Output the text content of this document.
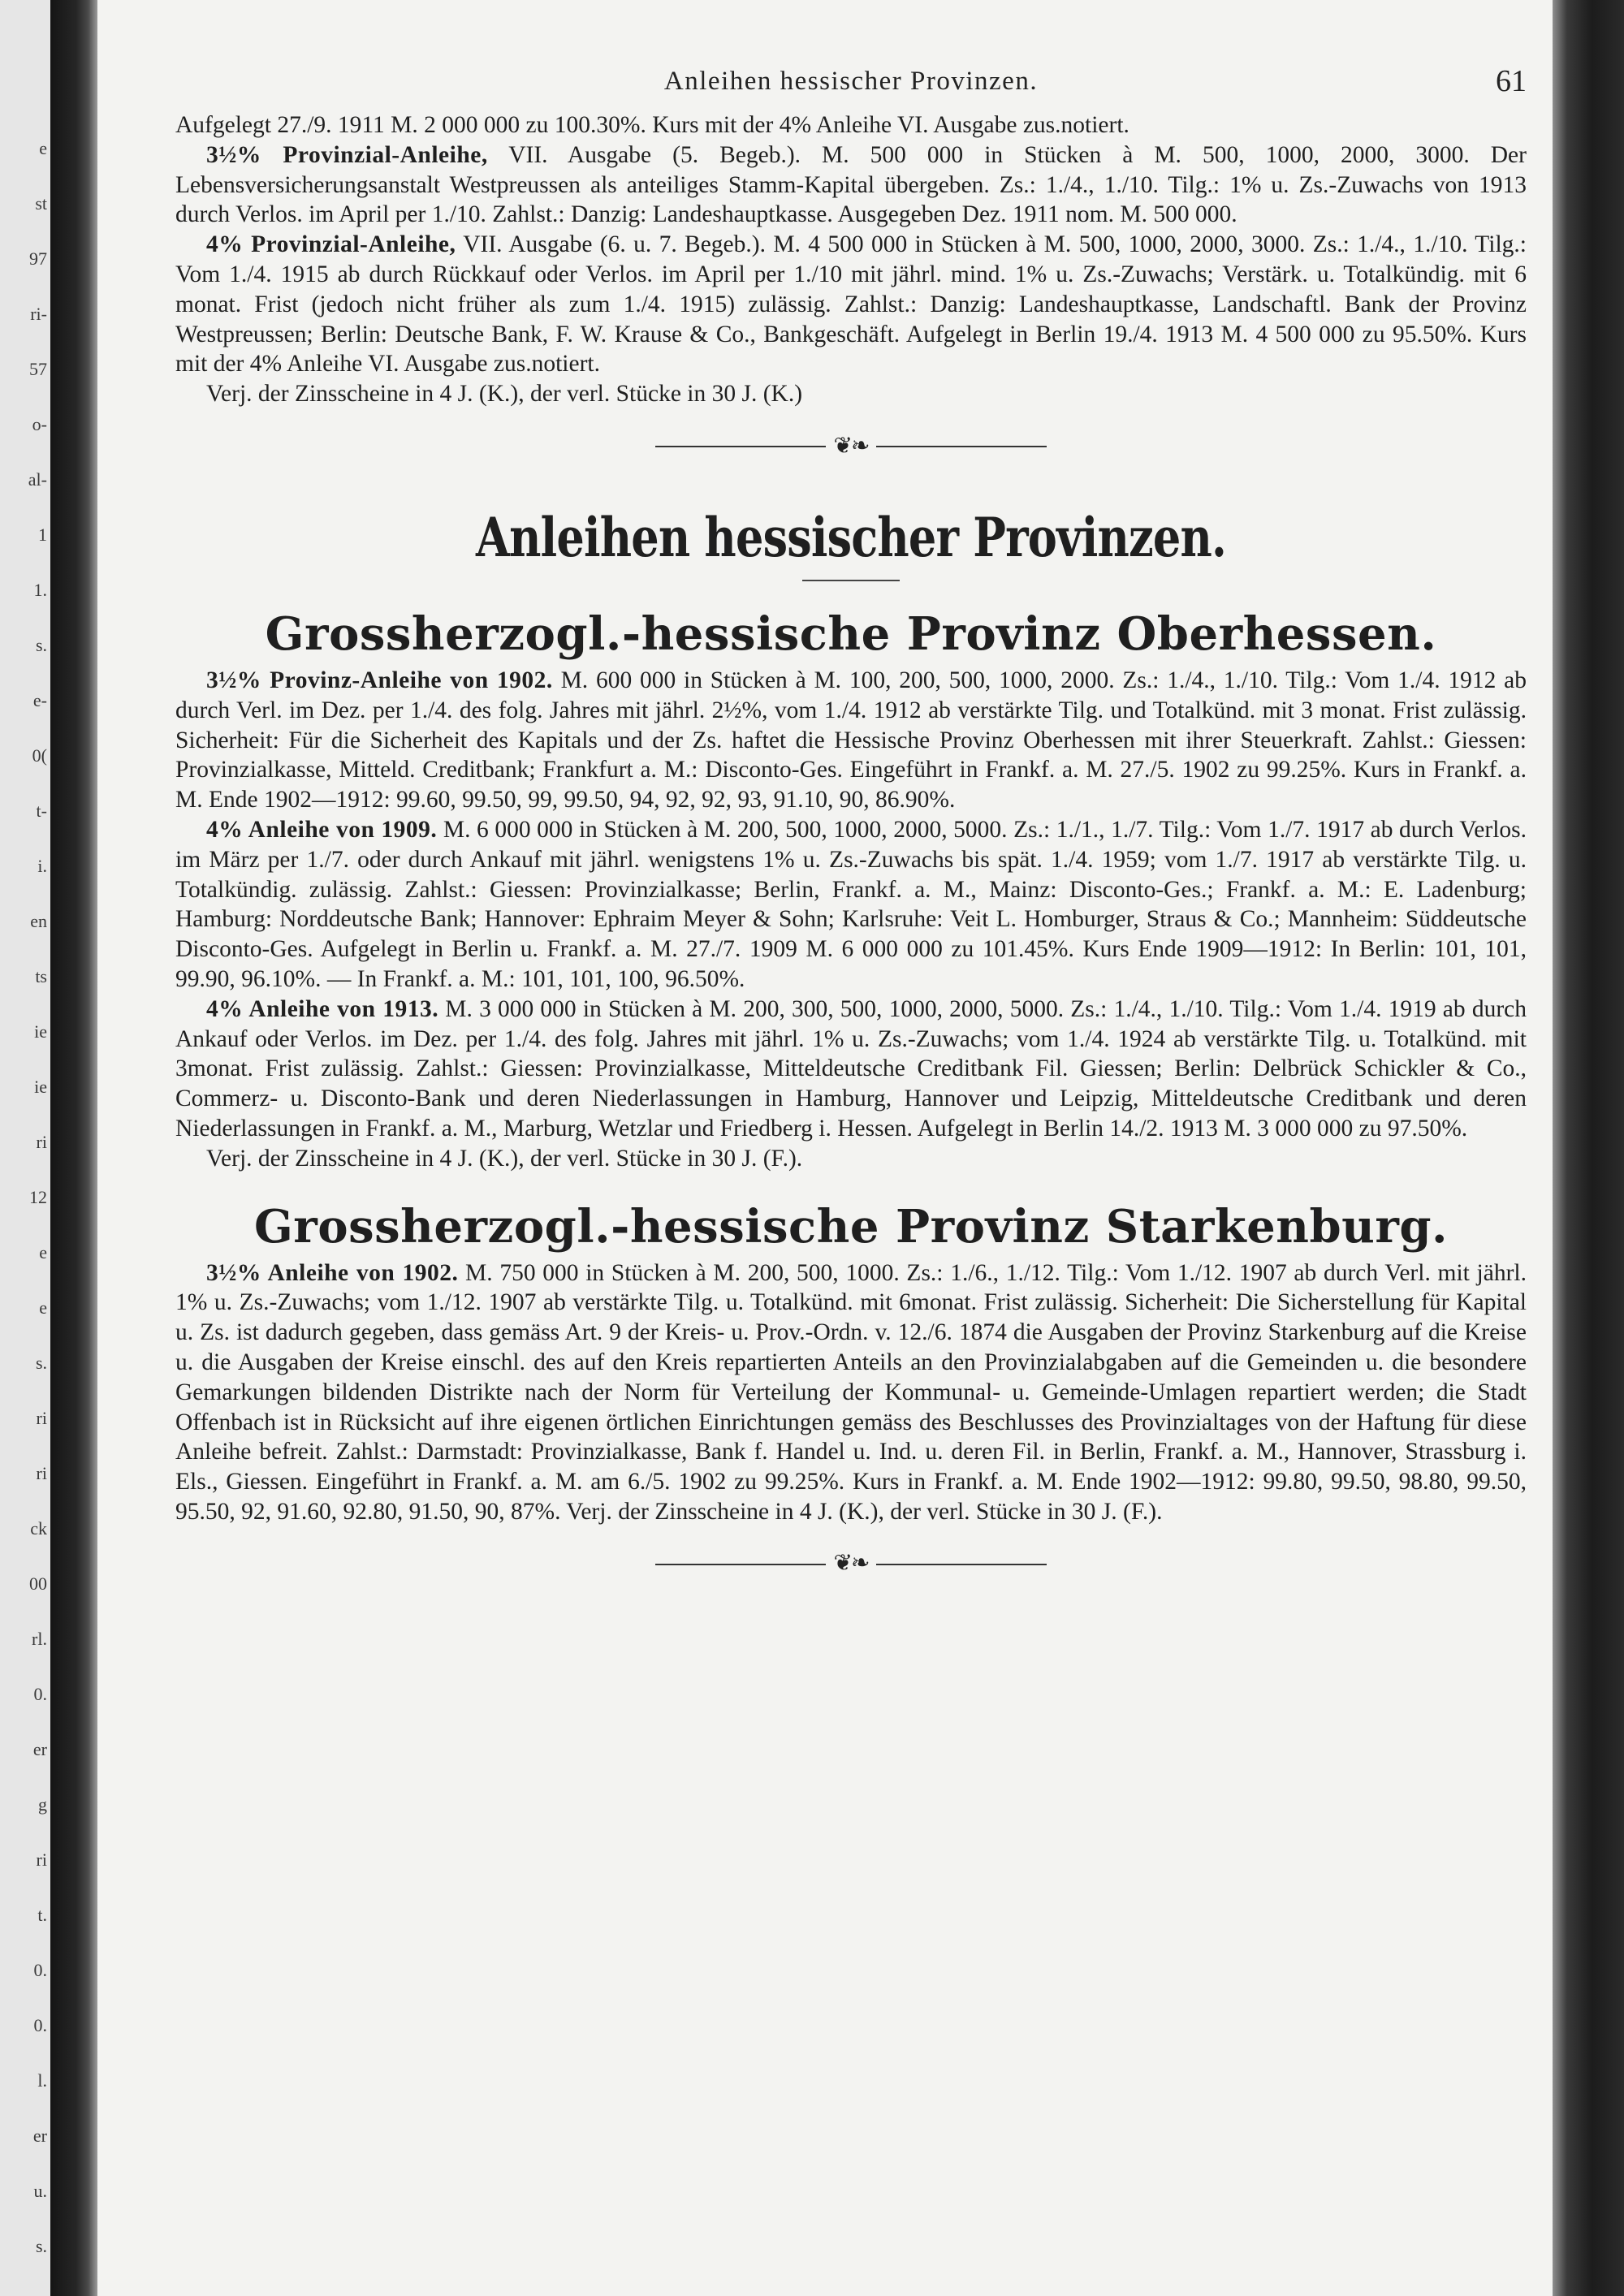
e
st
97
ri-
57
o-
al-
1
1.
s.
e-
0(
t-
i.
en
ts
ie
ie
ri
12
e
e
s.
ri
ri
ck
00
rl.
0.
er
g
ri
t.
0.
0.
l.
er
u.
s.
Anleihen hessischer Provinzen.	61

Aufgelegt 27./9. 1911 M. 2 000 000 zu 100.30%. Kurs mit der 4% Anleihe VI. Ausgabe zus.notiert.

3½% Provinzial-Anleihe, VII. Ausgabe (5. Begeb.). M. 500 000 in Stücken à M. 500, 1000, 2000, 3000. Der Lebensversicherungsanstalt Westpreussen als anteiliges Stamm-Kapital übergeben. Zs.: 1./4., 1./10. Tilg.: 1% u. Zs.-Zuwachs von 1913 durch Verlos. im April per 1./10. Zahlst.: Danzig: Landeshauptkasse. Ausgegeben Dez. 1911 nom. M. 500 000.

4% Provinzial-Anleihe, VII. Ausgabe (6. u. 7. Begeb.). M. 4 500 000 in Stücken à M. 500, 1000, 2000, 3000. Zs.: 1./4., 1./10. Tilg.: Vom 1./4. 1915 ab durch Rückkauf oder Verlos. im April per 1./10 mit jährl. mind. 1% u. Zs.-Zuwachs; Verstärk. u. Totalkündig. mit 6 monat. Frist (jedoch nicht früher als zum 1./4. 1915) zulässig. Zahlst.: Danzig: Landeshauptkasse, Landschaftl. Bank der Provinz Westpreussen; Berlin: Deutsche Bank, F. W. Krause & Co., Bankgeschäft. Aufgelegt in Berlin 19./4. 1913 M. 4 500 000 zu 95.50%. Kurs mit der 4% Anleihe VI. Ausgabe zus.notiert.

Verj. der Zinsscheine in 4 J. (K.), der verl. Stücke in 30 J. (K.)

❦❧
Anleihen hessischer Provinzen.
Grossherzogl.-hessische Provinz Oberhessen.

3½% Provinz-Anleihe von 1902. M. 600 000 in Stücken à M. 100, 200, 500, 1000, 2000. Zs.: 1./4., 1./10. Tilg.: Vom 1./4. 1912 ab durch Verl. im Dez. per 1./4. des folg. Jahres mit jährl. 2½%, vom 1./4. 1912 ab verstärkte Tilg. und Totalkünd. mit 3 monat. Frist zulässig. Sicherheit: Für die Sicherheit des Kapitals und der Zs. haftet die Hessische Provinz Oberhessen mit ihrer Steuerkraft. Zahlst.: Giessen: Provinzialkasse, Mitteld. Creditbank; Frankfurt a. M.: Disconto-Ges. Eingeführt in Frankf. a. M. 27./5. 1902 zu 99.25%. Kurs in Frankf. a. M. Ende 1902—1912: 99.60, 99.50, 99, 99.50, 94, 92, 92, 93, 91.10, 90, 86.90%.

4% Anleihe von 1909. M. 6 000 000 in Stücken à M. 200, 500, 1000, 2000, 5000. Zs.: 1./1., 1./7. Tilg.: Vom 1./7. 1917 ab durch Verlos. im März per 1./7. oder durch Ankauf mit jährl. wenigstens 1% u. Zs.-Zuwachs bis spät. 1./4. 1959; vom 1./7. 1917 ab verstärkte Tilg. u. Totalkündig. zulässig. Zahlst.: Giessen: Provinzialkasse; Berlin, Frankf. a. M., Mainz: Disconto-Ges.; Frankf. a. M.: E. Ladenburg; Hamburg: Norddeutsche Bank; Hannover: Ephraim Meyer & Sohn; Karlsruhe: Veit L. Homburger, Straus & Co.; Mannheim: Süddeutsche Disconto-Ges. Aufgelegt in Berlin u. Frankf. a. M. 27./7. 1909 M. 6 000 000 zu 101.45%. Kurs Ende 1909—1912: In Berlin: 101, 101, 99.90, 96.10%. — In Frankf. a. M.: 101, 101, 100, 96.50%.

4% Anleihe von 1913. M. 3 000 000 in Stücken à M. 200, 300, 500, 1000, 2000, 5000. Zs.: 1./4., 1./10. Tilg.: Vom 1./4. 1919 ab durch Ankauf oder Verlos. im Dez. per 1./4. des folg. Jahres mit jährl. 1% u. Zs.-Zuwachs; vom 1./4. 1924 ab verstärkte Tilg. u. Totalkünd. mit 3monat. Frist zulässig. Zahlst.: Giessen: Provinzialkasse, Mitteldeutsche Creditbank Fil. Giessen; Berlin: Delbrück Schickler & Co., Commerz- u. Disconto-Bank und deren Niederlassungen in Hamburg, Hannover und Leipzig, Mitteldeutsche Creditbank und deren Niederlassungen in Frankf. a. M., Marburg, Wetzlar und Friedberg i. Hessen. Aufgelegt in Berlin 14./2. 1913 M. 3 000 000 zu 97.50%.

Verj. der Zinsscheine in 4 J. (K.), der verl. Stücke in 30 J. (F.).

Grossherzogl.-hessische Provinz Starkenburg.

3½% Anleihe von 1902. M. 750 000 in Stücken à M. 200, 500, 1000. Zs.: 1./6., 1./12. Tilg.: Vom 1./12. 1907 ab durch Verl. mit jährl. 1% u. Zs.-Zuwachs; vom 1./12. 1907 ab verstärkte Tilg. u. Totalkünd. mit 6monat. Frist zulässig. Sicherheit: Die Sicherstellung für Kapital u. Zs. ist dadurch gegeben, dass gemäss Art. 9 der Kreis- u. Prov.-Ordn. v. 12./6. 1874 die Ausgaben der Provinz Starkenburg auf die Kreise u. die Ausgaben der Kreise einschl. des auf den Kreis repartierten Anteils an den Provinzialabgaben auf die Gemeinden u. die besondere Gemarkungen bildenden Distrikte nach der Norm für Verteilung der Kommunal- u. Gemeinde-Umlagen repartiert werden; die Stadt Offenbach ist in Rücksicht auf ihre eigenen örtlichen Einrichtungen gemäss des Beschlusses des Provinzialtages von der Haftung für diese Anleihe befreit. Zahlst.: Darmstadt: Provinzialkasse, Bank f. Handel u. Ind. u. deren Fil. in Berlin, Frankf. a. M., Hannover, Strassburg i. Els., Giessen. Eingeführt in Frankf. a. M. am 6./5. 1902 zu 99.25%. Kurs in Frankf. a. M. Ende 1902—1912: 99.80, 99.50, 98.80, 99.50, 95.50, 92, 91.60, 92.80, 91.50, 90, 87%. Verj. der Zinsscheine in 4 J. (K.), der verl. Stücke in 30 J. (F.).

❦❧
